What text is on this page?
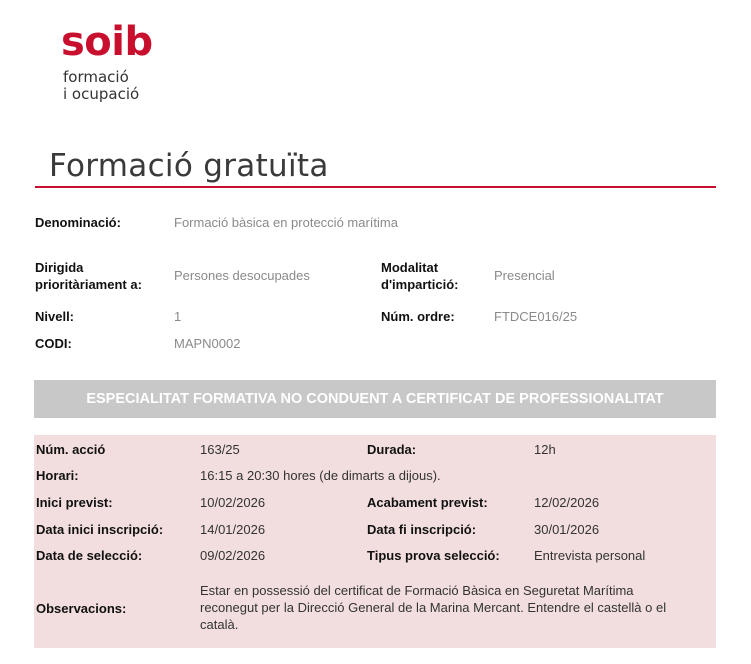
soib
formació
i ocupació
Formació gratuïta
Denominació:	Formació bàsica en protecció marítima
Dirigida
prioritàriament a:
Persones desocupades
Modalitat
d'impartició:
Presencial
Nivell:	1	Núm. ordre:	FTDCE016/25
CODI:	MAPN0002
ESPECIALITAT FORMATIVA NO CONDUENT A CERTIFICAT DE PROFESSIONALITAT
Núm. acció	163/25	Durada:	12h
Horari:	16:15 a 20:30 hores (de dimarts a dijous).
Inici previst:	10/02/2026	Acabament previst:	12/02/2026
Data inici inscripció:	14/01/2026	Data fi inscripció:	30/01/2026
Data de selecció:	09/02/2026	Tipus prova selecció:	Entrevista personal
Observacions:
Estar en possessió del certificat de Formació Bàsica en Seguretat Marítima
reconegut per la Direcció General de la Marina Mercant. Entendre el castellà o el
català.
